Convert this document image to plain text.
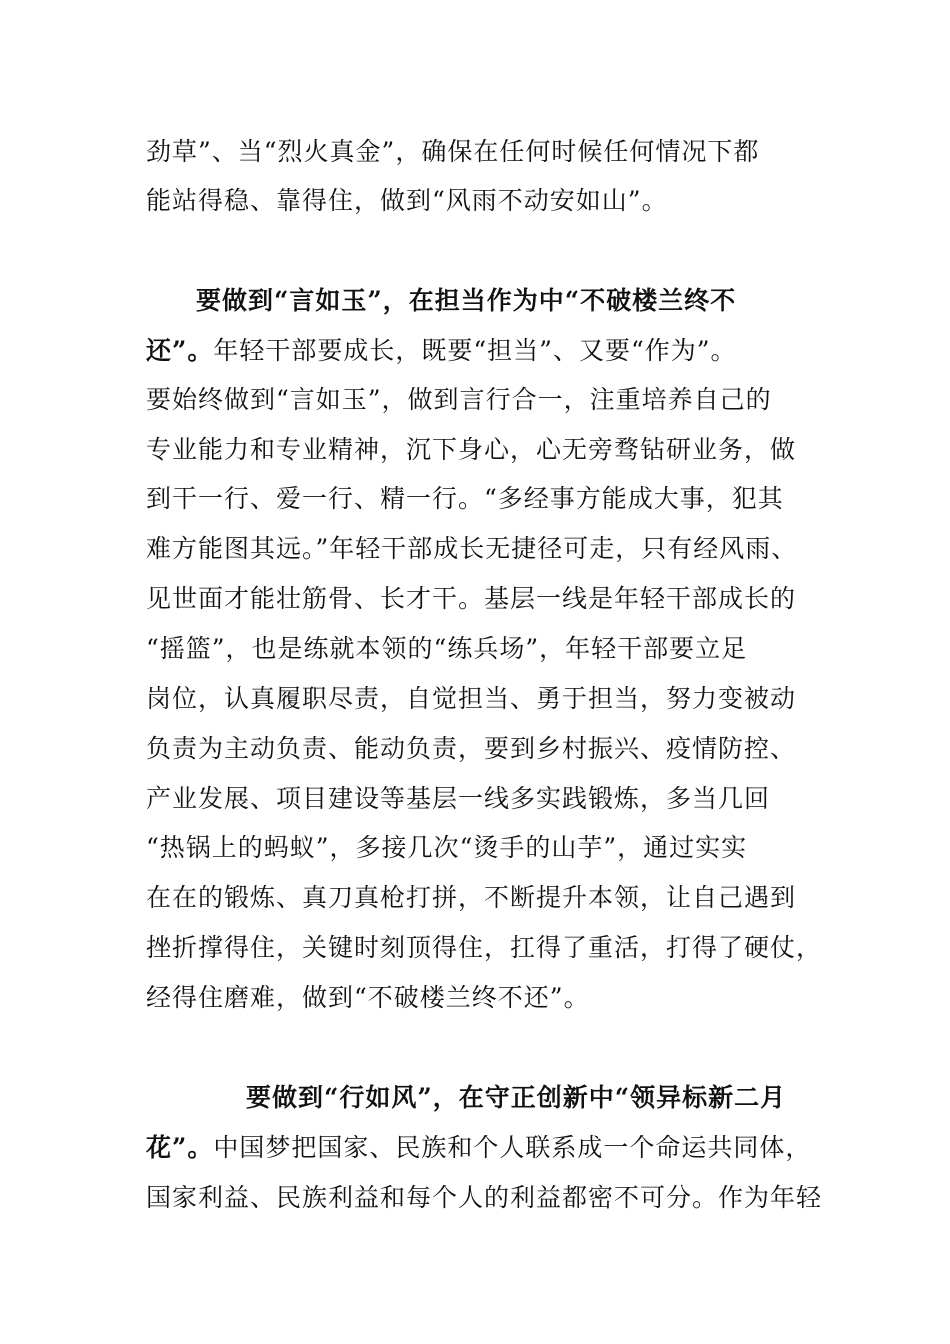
劲草”、当“烈火真金”，确保在任何时候任何情况下都
能站得稳、靠得住，做到“风雨不动安如山”。
要做到“言如玉”，在担当作为中“不破楼兰终不
还”。年轻干部要成长，既要“担当”、又要“作为”。
要始终做到“言如玉”，做到言行合一，注重培养自己的
专业能力和专业精神，沉下身心，心无旁骛钻研业务，做
到干一行、爱一行、精一行。“多经事方能成大事，犯其
难方能图其远。”年轻干部成长无捷径可走，只有经风雨、
见世面才能壮筋骨、长才干。基层一线是年轻干部成长的
“摇篮”，也是练就本领的“练兵场”，年轻干部要立足
岗位，认真履职尽责，自觉担当、勇于担当，努力变被动
负责为主动负责、能动负责，要到乡村振兴、疫情防控、
产业发展、项目建设等基层一线多实践锻炼，多当几回
“热锅上的蚂蚁”，多接几次“烫手的山芋”，通过实实
在在的锻炼、真刀真枪打拼，不断提升本领，让自己遇到
挫折撑得住，关键时刻顶得住，扛得了重活，打得了硬仗，
经得住磨难，做到“不破楼兰终不还”。
要做到“行如风”，在守正创新中“领异标新二月
花”。中国梦把国家、民族和个人联系成一个命运共同体，
国家利益、民族利益和每个人的利益都密不可分。作为年轻
